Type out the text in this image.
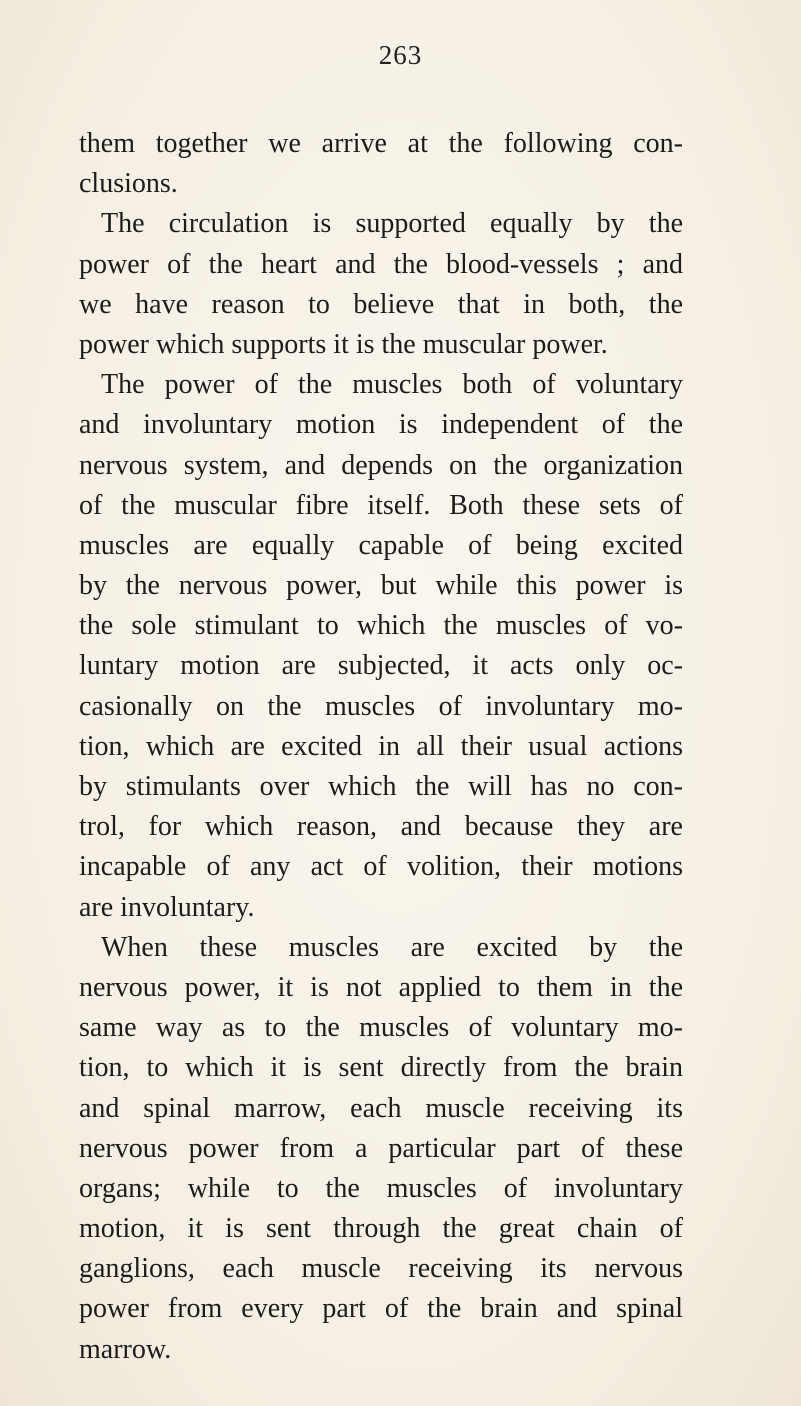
263
them together we arrive at the following con-
clusions.
The circulation is supported equally by the
power of the heart and the blood-vessels ; and
we have reason to believe that in both, the
power which supports it is the muscular power.
The power of the muscles both of voluntary
and involuntary motion is independent of the
nervous system, and depends on the organization
of the muscular fibre itself. Both these sets of
muscles are equally capable of being excited
by the nervous power, but while this power is
the sole stimulant to which the muscles of vo-
luntary motion are subjected, it acts only oc-
casionally on the muscles of involuntary mo-
tion, which are excited in all their usual actions
by stimulants over which the will has no con-
trol, for which reason, and because they are
incapable of any act of volition, their motions
are involuntary.
When these muscles are excited by the
nervous power, it is not applied to them in the
same way as to the muscles of voluntary mo-
tion, to which it is sent directly from the brain
and spinal marrow, each muscle receiving its
nervous power from a particular part of these
organs; while to the muscles of involuntary
motion, it is sent through the great chain of
ganglions, each muscle receiving its nervous
power from every part of the brain and spinal
marrow.
